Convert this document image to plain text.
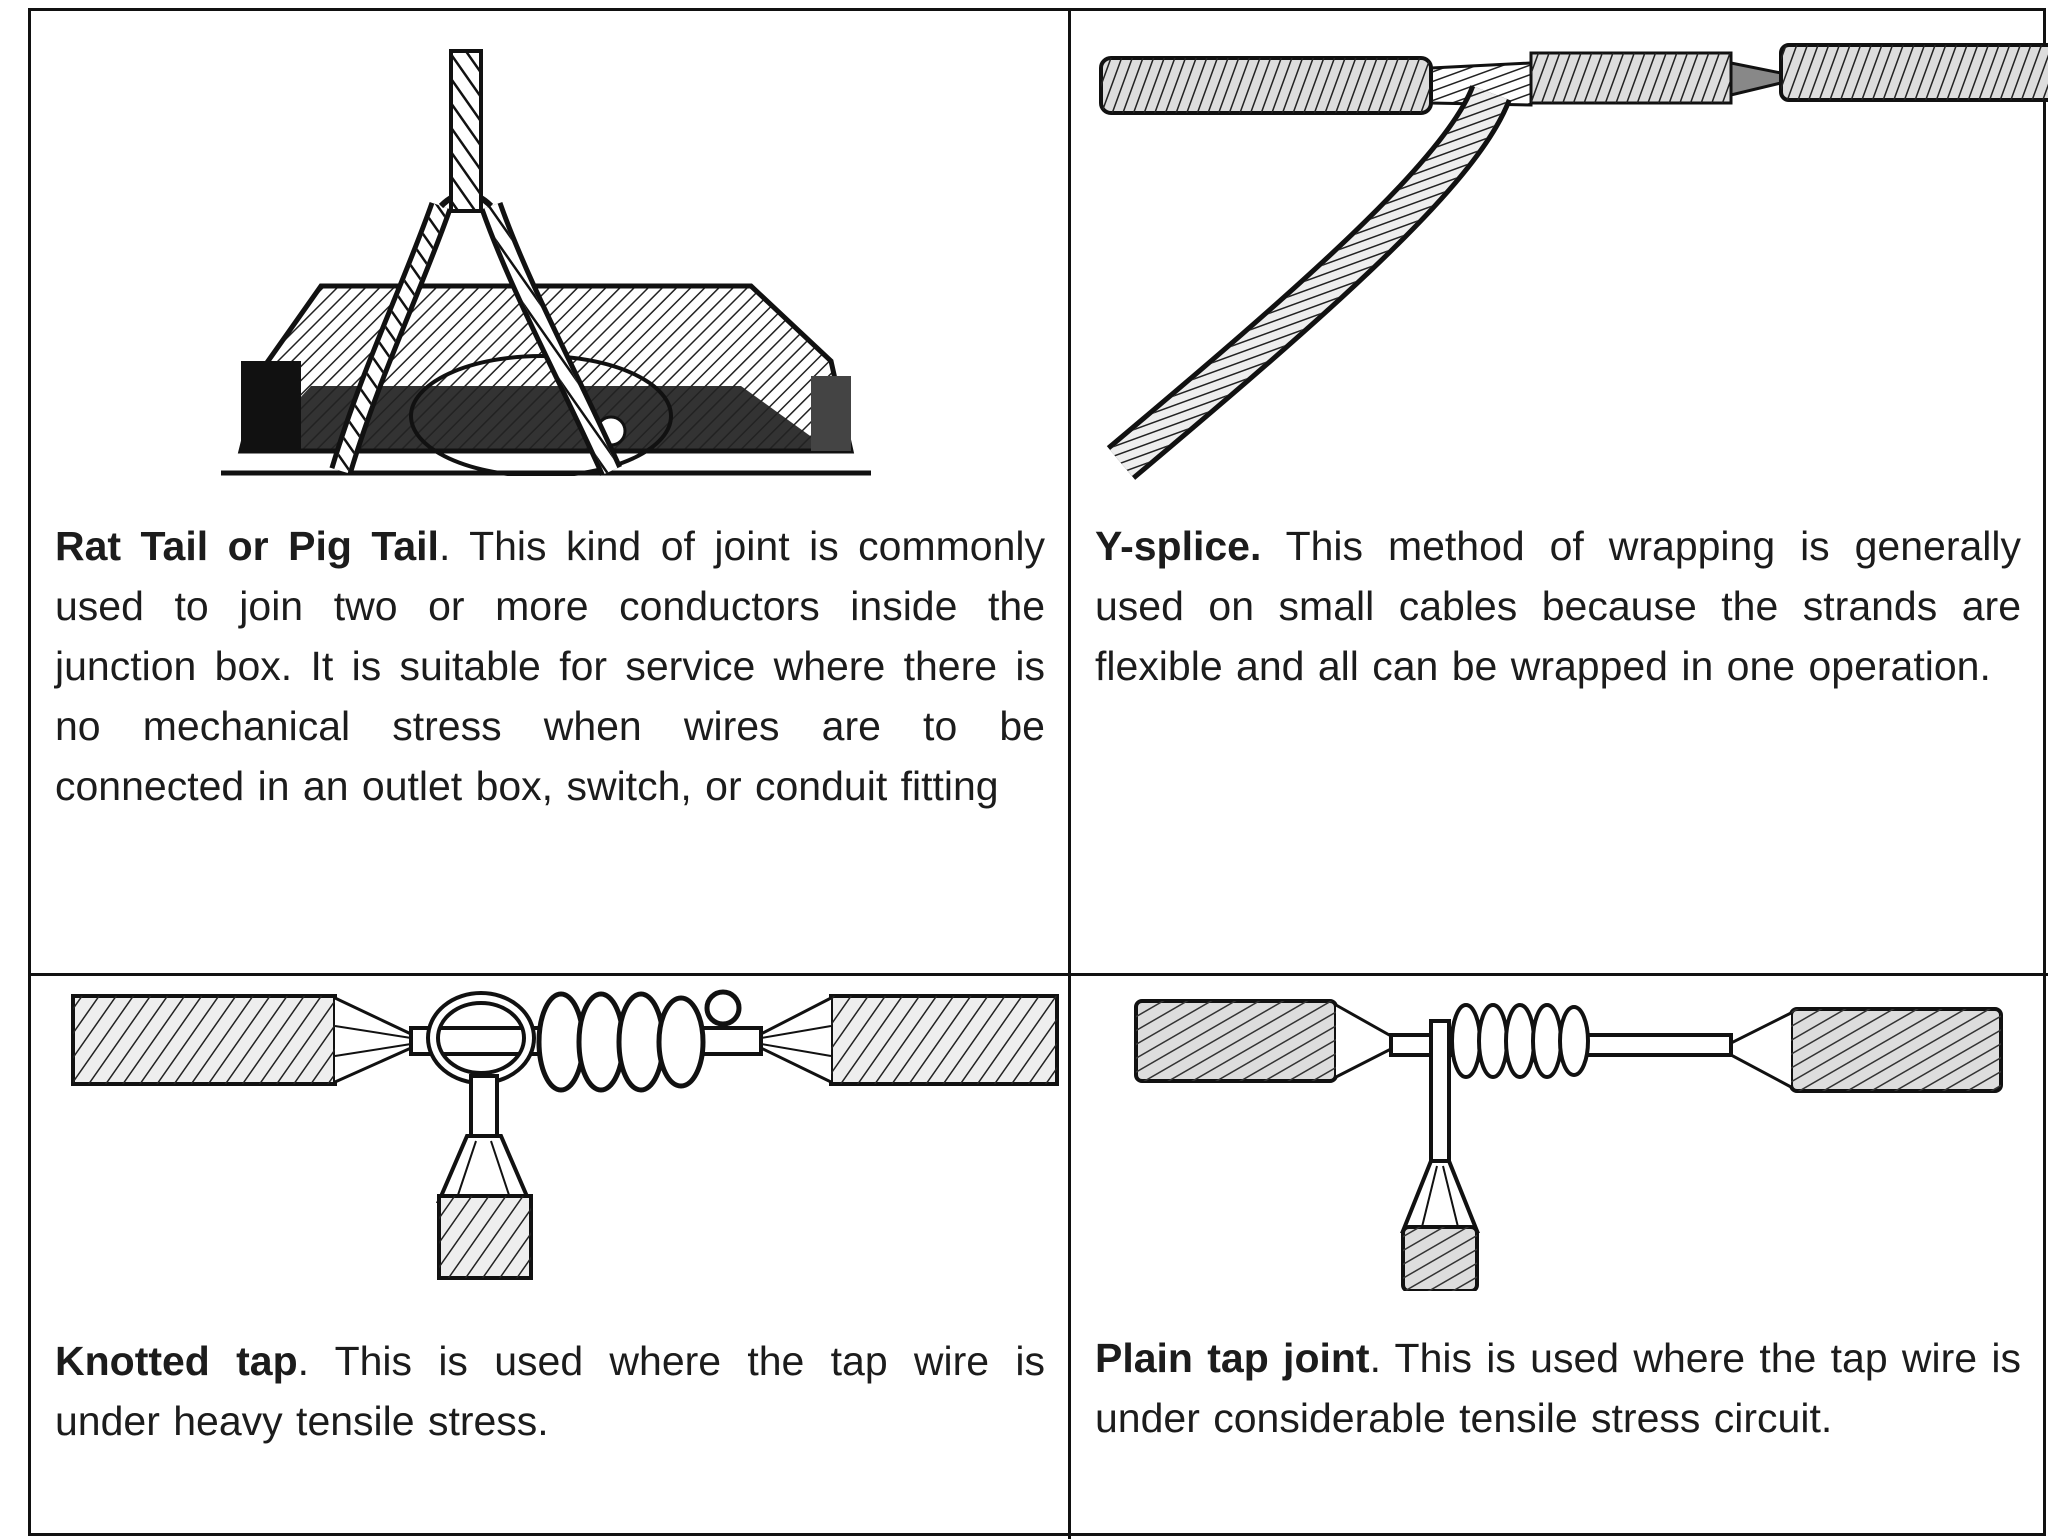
Rat Tail or Pig Tail. This kind of joint is commonly used to join two or more conductors inside the junction box. It is suitable for service where there is no mechanical stress when wires are to be connected in an outlet box, switch, or conduit fitting

Y-splice. This method of wrapping is generally used on small cables because the strands are flexible and all can be wrapped in one operation.

Knotted tap. This is used where the tap wire is under heavy tensile stress.

Plain tap joint. This is used where the tap wire is under considerable tensile stress circuit.
